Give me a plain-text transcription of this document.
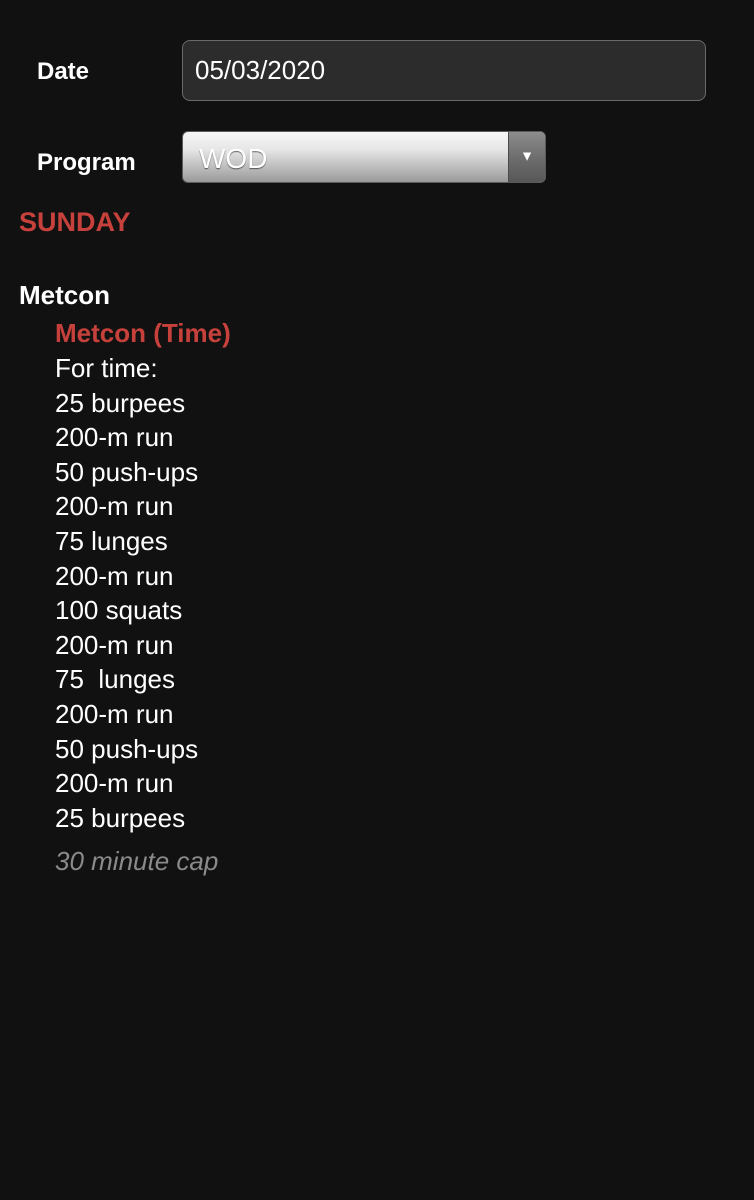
Date
05/03/2020
Program WOD	▼
SUNDAY
Metcon
Metcon (Time)
For time:
25 burpees
200-m run
50 push-ups
200-m run
75 lunges
200-m run
100 squats
200-m run
75  lunges
200-m run
50 push-ups
200-m run
25 burpees
30 minute cap
